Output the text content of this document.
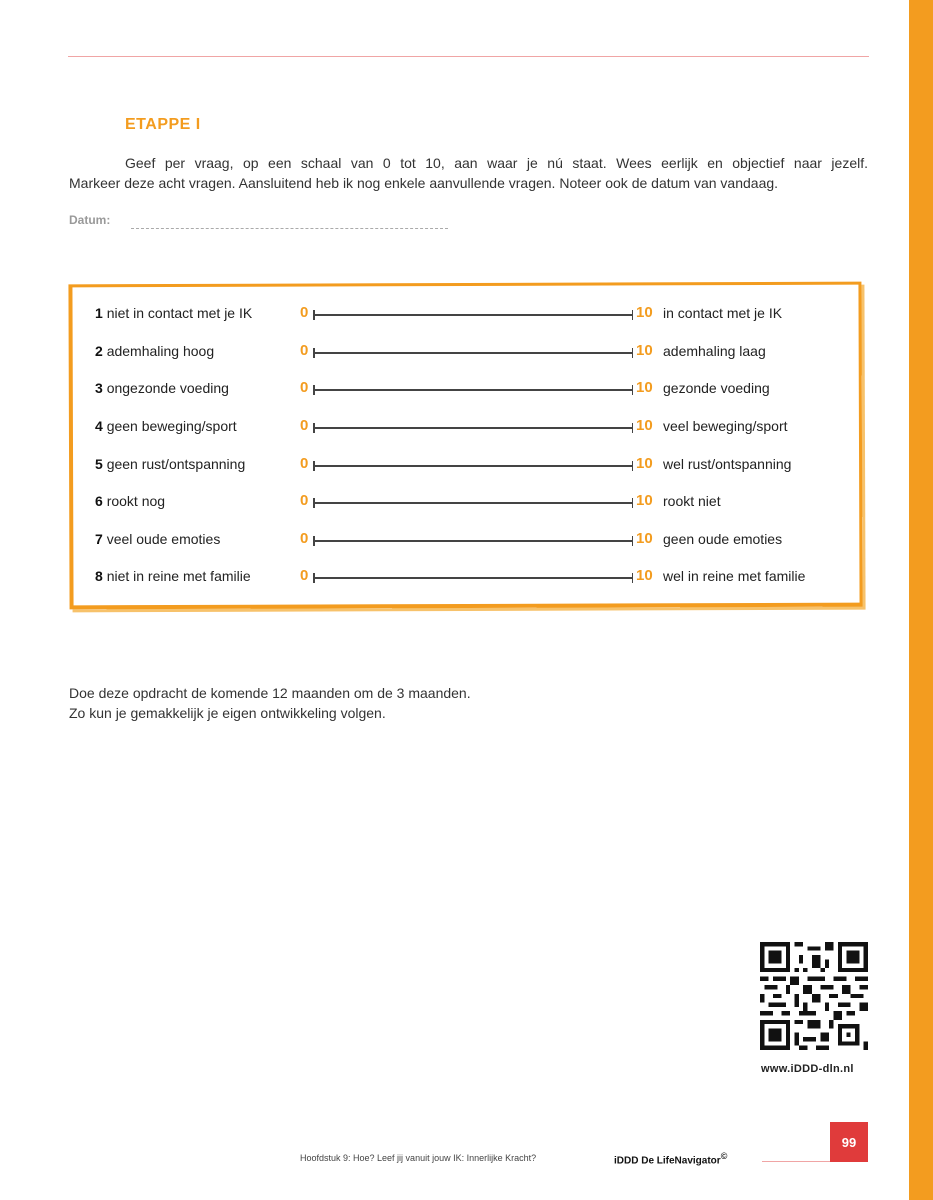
ETAPPE I
Geef per vraag, op een schaal van 0 tot 10, aan waar je nú staat. Wees eerlijk en objectief naar jezelf.
Markeer deze acht vragen. Aansluitend heb ik nog enkele aanvullende vragen. Noteer ook de datum van vandaag.
Datum:
1 niet in contact met je IK	0	10 in contact met je IK
2 ademhaling hoog	0	10 ademhaling laag
3 ongezonde voeding	0	10 gezonde voeding
4 geen beweging/sport	0	10 veel beweging/sport
5 geen rust/ontspanning	0	10 wel rust/ontspanning
6 rookt nog	0	10 rookt niet
7 veel oude emoties	0	10 geen oude emoties
8 niet in reine met familie	0	10 wel in reine met familie
Doe deze opdracht de komende 12 maanden om de 3 maanden.
Zo kun je gemakkelijk je eigen ontwikkeling volgen.
www.iDDD-dln.nl
Hoofdstuk 9: Hoe? Leef jij vanuit jouw IK: Innerlijke Kracht?	iDDD De LifeNavigator©
99
